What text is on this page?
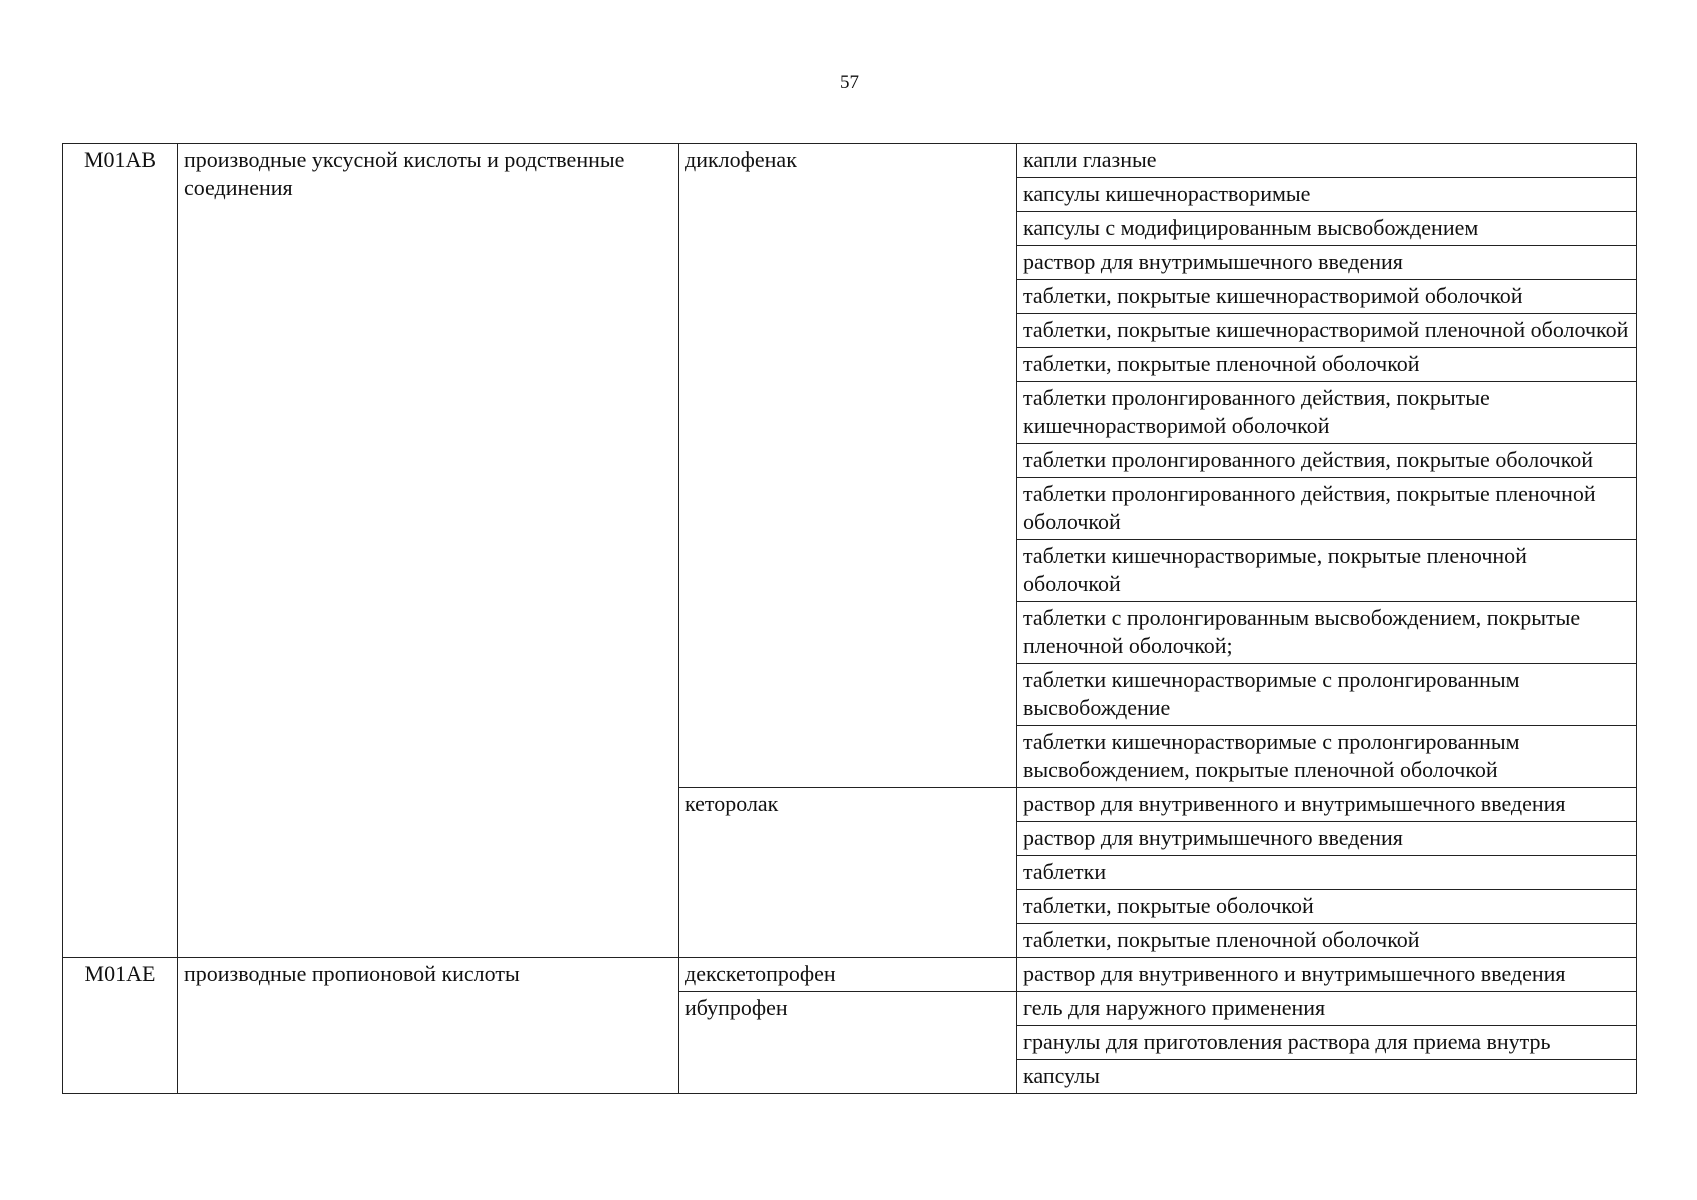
57
M01AB	производные уксусной кислоты и родственные соединения	диклофенак	капли глазные
			капсулы кишечнорастворимые
			капсулы с модифицированным высвобождением
			раствор для внутримышечного введения
			таблетки, покрытые кишечнорастворимой оболочкой
			таблетки, покрытые кишечнорастворимой пленочной оболочкой
			таблетки, покрытые пленочной оболочкой
			таблетки пролонгированного действия, покрытые кишечнорастворимой оболочкой
			таблетки пролонгированного действия, покрытые оболочкой
			таблетки пролонгированного действия, покрытые пленочной оболочкой
			таблетки кишечнорастворимые, покрытые пленочной оболочкой
			таблетки с пролонгированным высвобождением, покрытые пленочной оболочкой;
			таблетки кишечнорастворимые с пролонгированным высвобождение
			таблетки кишечнорастворимые с пролонгированным высвобождением, покрытые пленочной оболочкой
		кеторолак	раствор для внутривенного и внутримышечного введения
			раствор для внутримышечного введения
			таблетки
			таблетки, покрытые оболочкой
			таблетки, покрытые пленочной оболочкой
M01AE	производные пропионовой кислоты	декскетопрофен	раствор для внутривенного и внутримышечного введения
		ибупрофен	гель для наружного применения
			гранулы для приготовления раствора для приема внутрь
			капсулы
